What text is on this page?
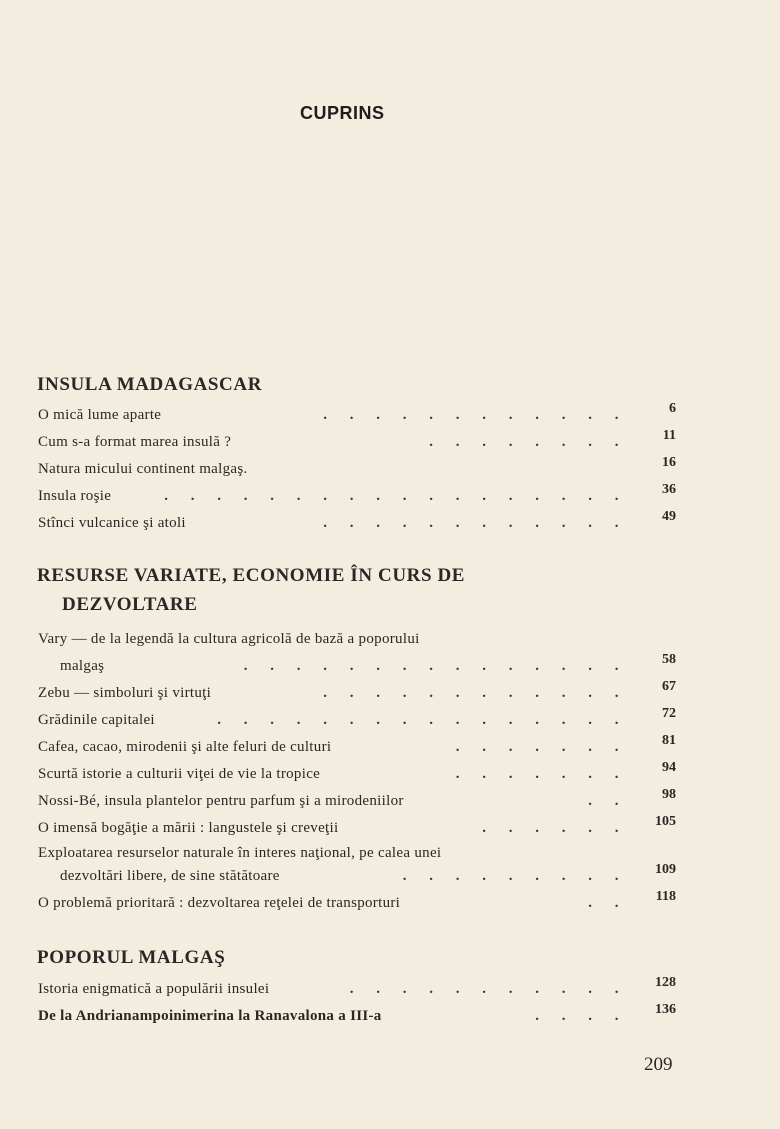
CUPRINS
INSULA MADAGASCAR
O mică lume aparte	. . . . . . . . . . . .	6
Cum s-a format marea insulă ?	. . . . . . . .	11
Natura micului continent malgaş.	16
Insula roşie	. . . . . . . . . . . . . . . . . .	36
Stînci vulcanice şi atoli	. . . . . . . . . . . .	49
RESURSE VARIATE, ECONOMIE ÎN CURS DE
DEZVOLTARE
Vary — de la legendă la cultura agricolă de bază a poporului
malgaş	. . . . . . . . . . . . . . .	58
Zebu — simboluri şi virtuţi	. . . . . . . . . . . .	67
Grădinile capitalei	. . . . . . . . . . . . . . . .	72
Cafea, cacao, mirodenii şi alte feluri de culturi	. . . . . . .	81
Scurtă istorie a culturii viţei de vie la tropice	. . . . . . .	94
Nossi-Bé, insula plantelor pentru parfum şi a mirodeniilor	. .	98
O imensă bogăţie a mării : langustele şi creveţii	. . . . . .	105
Exploatarea resurselor naturale în interes naţional, pe calea unei
dezvoltări libere, de sine stătătoare	. . . . . . . . .	109
O problemă prioritară : dezvoltarea reţelei de transporturi	. .	118
POPORUL MALGAŞ
Istoria enigmatică a populării insulei	. . . . . . . . . . .	128
De la Andrianampoinimerina la Ranavalona a III-a	. . . .	136
209
